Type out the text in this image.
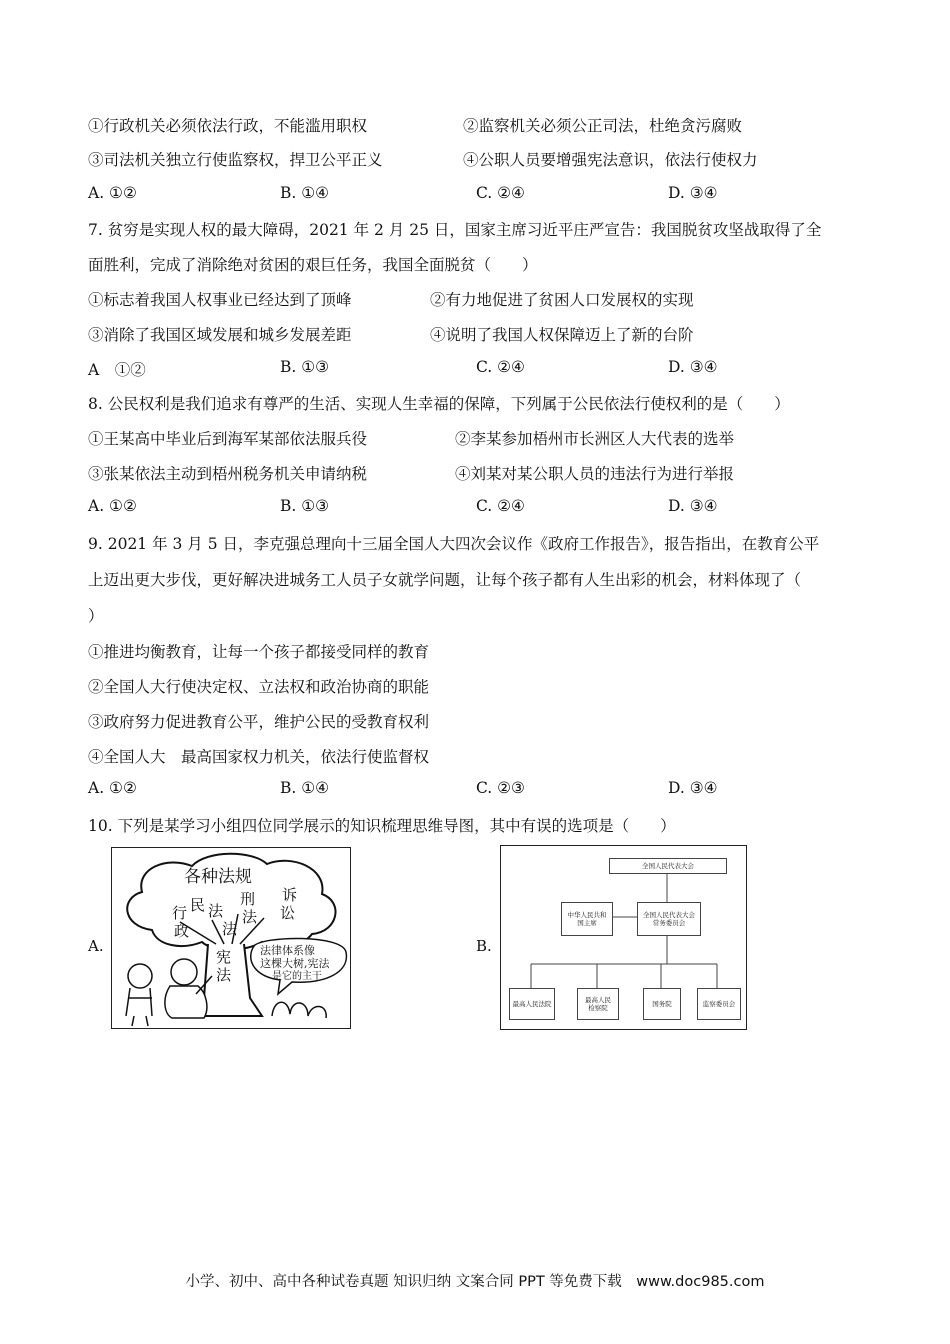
①行政机关必须依法行政，不能滥用职权	②监察机关必须公正司法，杜绝贪污腐败
③司法机关独立行使监察权，捍卫公平正义	④公职人员要增强宪法意识，依法行使权力
A. ①②	B. ①④	C. ②④	D. ③④
7. 贫穷是实现人权的最大障碍，2021 年 2 月 25 日，国家主席习近平庄严宣告：我国脱贫攻坚战取得了全
面胜利，完成了消除绝对贫困的艰巨任务，我国全面脱贫（　　）
①标志着我国人权事业已经达到了顶峰	②有力地促进了贫困人口发展权的实现
③消除了我国区域发展和城乡发展差距	④说明了我国人权保障迈上了新的台阶
A　①②	B. ①③	C. ②④	D. ③④
8. 公民权利是我们追求有尊严的生活、实现人生幸福的保障，下列属于公民依法行使权利的是（　　）
①王某高中毕业后到海军某部依法服兵役	②李某参加梧州市长洲区人大代表的选举
③张某依法主动到梧州税务机关申请纳税	④刘某对某公职人员的违法行为进行举报
A. ①②	B. ①③	C. ②④	D. ③④
9. 2021 年 3 月 5 日，李克强总理向十三届全国人大四次会议作《政府工作报告》，报告指出，在教育公平
上迈出更大步伐，更好解决进城务工人员子女就学问题，让每个孩子都有人生出彩的机会，材料体现了（
）
①推进均衡教育，让每一个孩子都接受同样的教育
②全国人大行使决定权、立法权和政治协商的职能
③政府努力促进教育公平，维护公民的受教育权利
④全国人大　最高国家权力机关，依法行使监督权
A. ①②	B. ①④	C. ②③	D. ③④
10. 下列是某学习小组四位同学展示的知识梳理思维导图，其中有误的选项是（　　）
A.
各种法规
行 民 法
刑
法
诉
讼
政 法
宪
法
法律体系像
这棵大树,宪法
是它的主干
B.
全国人民代表大会
中华人民共和
国主席
全国人民代表大会
常务委员会
最高人民法院
最高人民
检察院
国务院	监察委员会
小学、初中、高中各种试卷真题 知识归纳 文案合同 PPT 等免费下载　www.doc985.com
